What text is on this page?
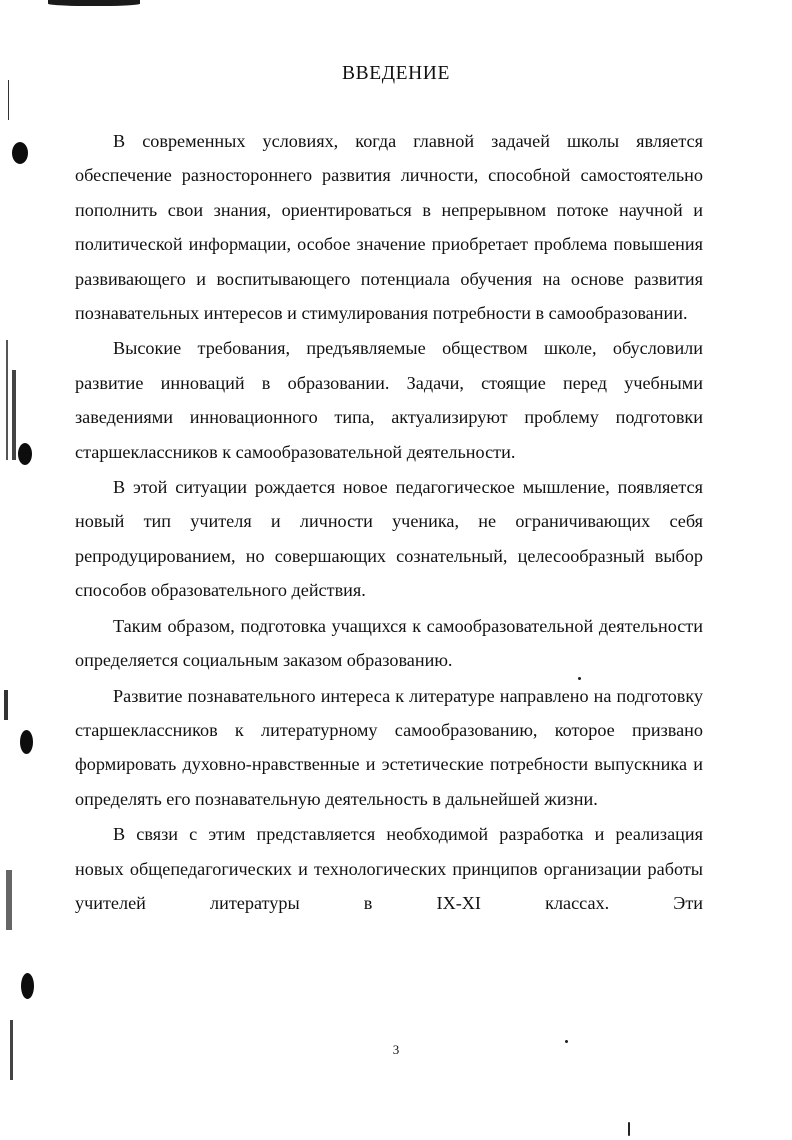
ВВЕДЕНИЕ

В современных условиях, когда главной задачей школы является обеспечение разностороннего развития личности, способной самостоятельно пополнить свои знания, ориентироваться в непрерывном потоке научной и политической информации, особое значение приобретает проблема повышения развивающего и воспитывающего потенциала обучения на основе развития познавательных интересов и стимулирования потребности в самообразовании.

Высокие требования, предъявляемые обществом школе, обусловили развитие инноваций в образовании. Задачи, стоящие перед учебными заведениями инновационного типа, актуализируют проблему подготовки старшеклассников к самообразовательной деятельности.

В этой ситуации рождается новое педагогическое мышление, появляется новый тип учителя и личности ученика, не ограничивающих себя репродуцированием, но совершающих сознательный, целесообразный выбор способов образовательного действия.

Таким образом, подготовка учащихся к самообразовательной деятельности определяется социальным заказом образованию.

Развитие познавательного интереса к литературе направлено на подготовку старшеклассников к литературному самообразованию, которое призвано формировать духовно-нравственные и эстетические потребности выпускника и определять его познавательную деятельность в дальнейшей жизни.

В связи с этим представляется необходимой разработка и реализация новых общепедагогических и технологических принципов организации работы учителей литературы в IX-XI классах. Эти

3
